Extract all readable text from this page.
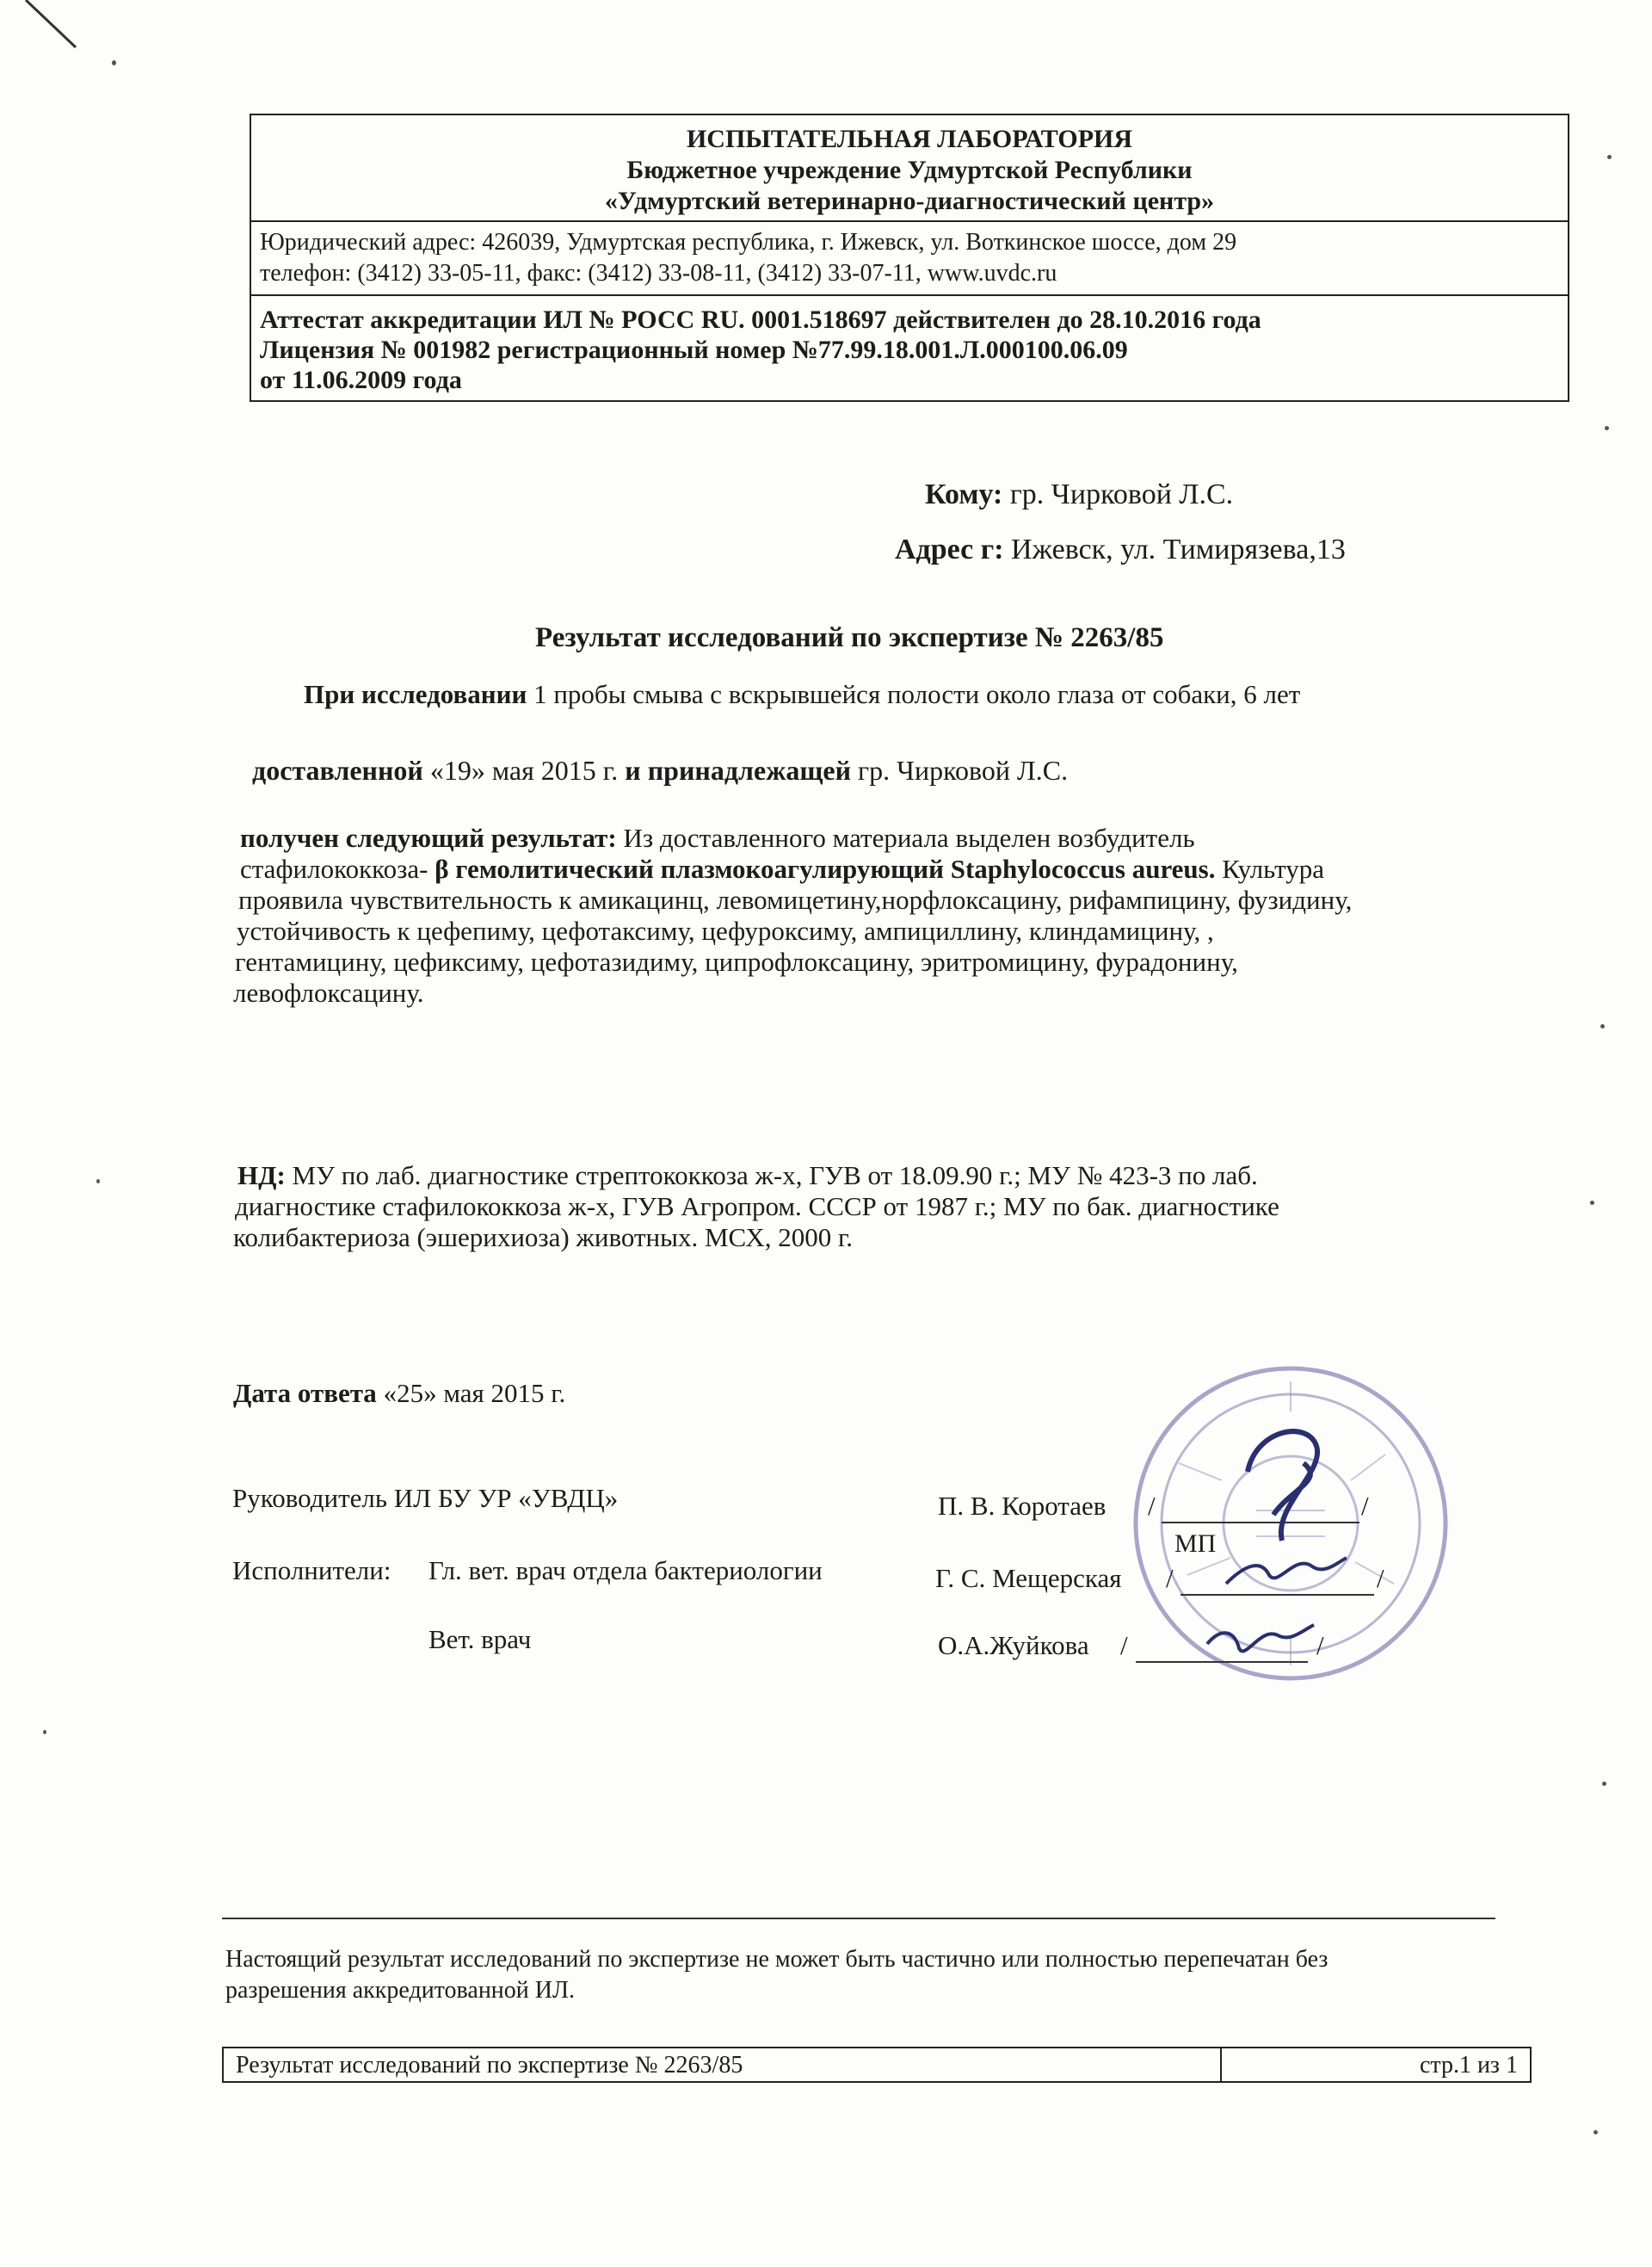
ИСПЫТАТЕЛЬНАЯ ЛАБОРАТОРИЯ
Бюджетное учреждение Удмуртской Республики
«Удмуртский ветеринарно-диагностический центр»
Юридический адрес: 426039, Удмуртская республика, г. Ижевск, ул. Воткинское шоссе, дом 29
телефон: (3412) 33-05-11, факс: (3412) 33-08-11, (3412) 33-07-11, www.uvdc.ru
Аттестат аккредитации ИЛ № РОСС RU. 0001.518697 действителен до 28.10.2016 года
Лицензия № 001982 регистрационный номер №77.99.18.001.Л.000100.06.09
от 11.06.2009 года
Кому: гр. Чирковой Л.С.
Адрес г: Ижевск, ул. Тимирязева,13
Результат исследований по экспертизе № 2263/85
При исследовании 1 пробы смыва с вскрывшейся полости около глаза от собаки, 6 лет
доставленной «19» мая 2015 г. и принадлежащей гр. Чирковой Л.С.
получен следующий результат: Из доставленного материала выделен возбудитель
стафилококкоза- β гемолитический плазмокоагулирующий Staphylococcus aureus. Культура
проявила чувствительность к амикацинц, левомицетину,норфлоксацину, рифампицину, фузидину,
устойчивость к цефепиму, цефотаксиму, цефуроксиму, ампициллину, клиндамицину, ,
гентамицину, цефиксиму, цефотазидиму, ципрофлоксацину, эритромицину, фурадонину,
левофлоксацину.
НД: МУ по лаб. диагностике стрептококкоза ж-х, ГУВ от 18.09.90 г.; МУ № 423-3 по лаб.
диагностике стафилококкоза ж-х, ГУВ Агропром. СССР от 1987 г.; МУ по бак. диагностике
колибактериоза (эшерихиоза) животных. МСХ, 2000 г.
Дата ответа «25» мая 2015 г.
Руководитель ИЛ БУ УР «УВДЦ»	П. В. Коротаев /	/
МП
Исполнители: Гл. вет. врач отдела бактериологии	Г. С. Мещерская /	/
Вет. врач	О.А.Жуйкова /	/
Настоящий результат исследований по экспертизе не может быть частично или полностью перепечатан без
разрешения аккредитованной ИЛ.
Результат исследований по экспертизе № 2263/85	стр.1 из 1
